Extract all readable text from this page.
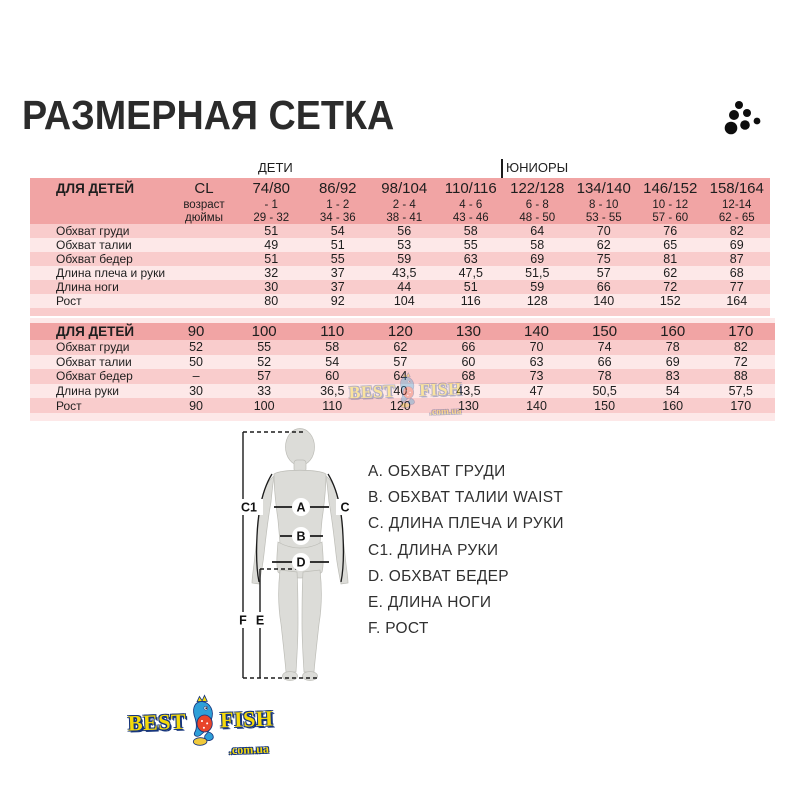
РАЗМЕРНАЯ СЕТКА
ДЕТИ	ЮНИОРЫ
ДЛЯ ДЕТЕЙ	CL	74/80	86/92	98/104	110/116	122/128	134/140	146/152	158/164
	возраст	- 1	1 - 2	2 - 4	4 - 6	6 - 8	8 - 10	10 - 12	12-14
	дюймы	29 - 32	34 - 36	38 - 41	43 - 46	48 - 50	53 - 55	57 - 60	62 - 65
Обхват груди		51	54	56	58	64	70	76	82
Обхват талии		49	51	53	55	58	62	65	69
Обхват бедер		51	55	59	63	69	75	81	87
Длина плеча и руки		32	37	43,5	47,5	51,5	57	62	68
Длина ноги		30	37	44	51	59	66	72	77
Рост		80	92	104	116	128	140	152	164

ДЛЯ ДЕТЕЙ	90	100	110	120	130	140	150	160	170
Обхват груди	52	55	58	62	66	70	74	78	82
Обхват талии	50	52	54	57	60	63	66	69	72
Обхват бедер	–	57	60	64	68	73	78	83	88
Длина руки	30	33	36,5	40	43,5	47	50,5	54	57,5
Рост	90	100	110	120	130	140	150	160	170

A
B
D
C1	C
F E
A. ОБХВАТ ГРУДИ
B. ОБХВАТ ТАЛИИ WAIST
C. ДЛИНА ПЛЕЧА И РУКИ
C1. ДЛИНА РУКИ
D. ОБХВАТ БЕДЕР
E. ДЛИНА НОГИ
F. РОСТ
BEST FISH
.com.ua
BEST FISH
.com.ua
